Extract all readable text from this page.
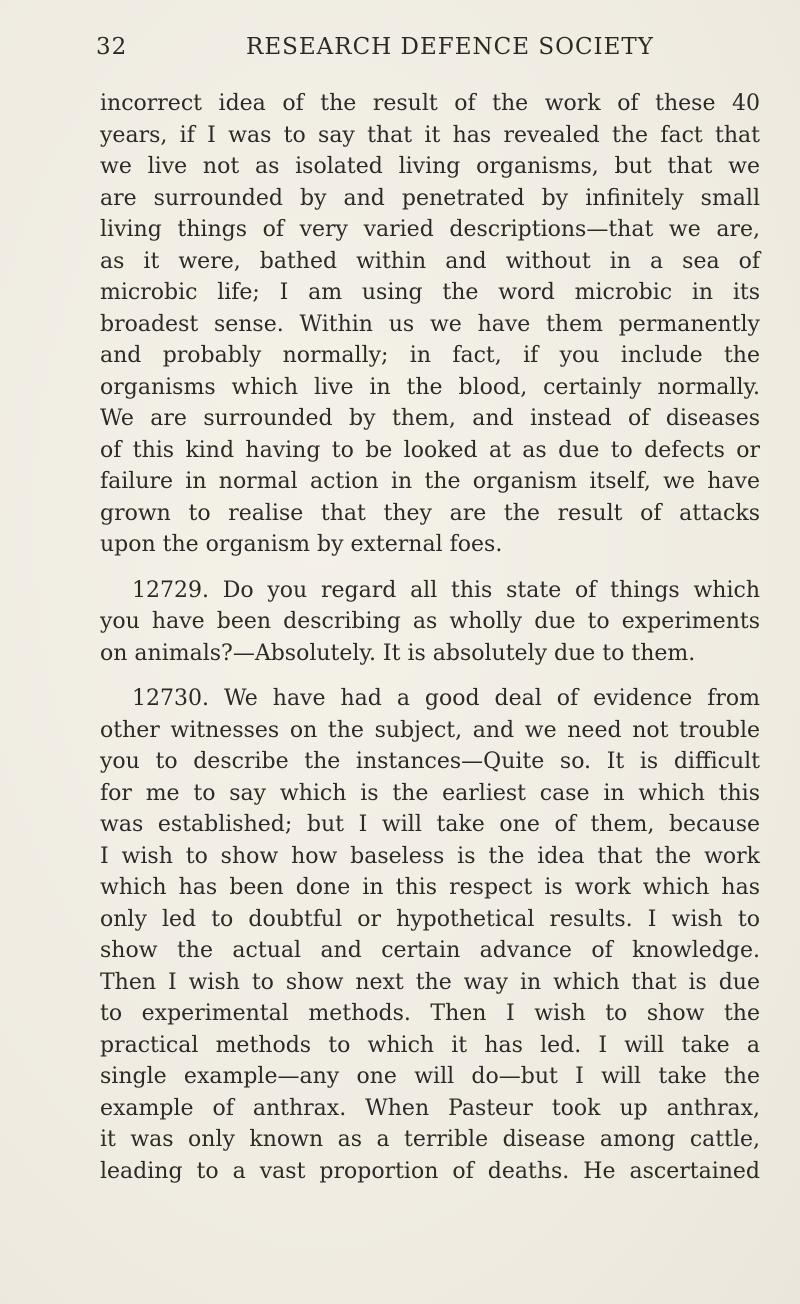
32	RESEARCH DEFENCE SOCIETY

incorrect idea of the result of the work of these 40
years, if I was to say that it has revealed the fact that
we live not as isolated living organisms, but that we
are surrounded by and penetrated by infinitely small
living things of very varied descriptions—that we are,
as it were, bathed within and without in a sea of
microbic life; I am using the word microbic in its
broadest sense. Within us we have them permanently
and probably normally; in fact, if you include the
organisms which live in the blood, certainly normally.
We are surrounded by them, and instead of diseases
of this kind having to be looked at as due to defects or
failure in normal action in the organism itself, we have
grown to realise that they are the result of attacks
upon the organism by external foes.

12729. Do you regard all this state of things which
you have been describing as wholly due to experiments
on animals?—Absolutely. It is absolutely due to them.

12730. We have had a good deal of evidence from
other witnesses on the subject, and we need not trouble
you to describe the instances—Quite so. It is difficult
for me to say which is the earliest case in which this
was established; but I will take one of them, because
I wish to show how baseless is the idea that the work
which has been done in this respect is work which has
only led to doubtful or hypothetical results. I wish to
show the actual and certain advance of knowledge.
Then I wish to show next the way in which that is due
to experimental methods. Then I wish to show the
practical methods to which it has led. I will take a
single example—any one will do—but I will take the
example of anthrax. When Pasteur took up anthrax,
it was only known as a terrible disease among cattle,
leading to a vast proportion of deaths. He ascertained
